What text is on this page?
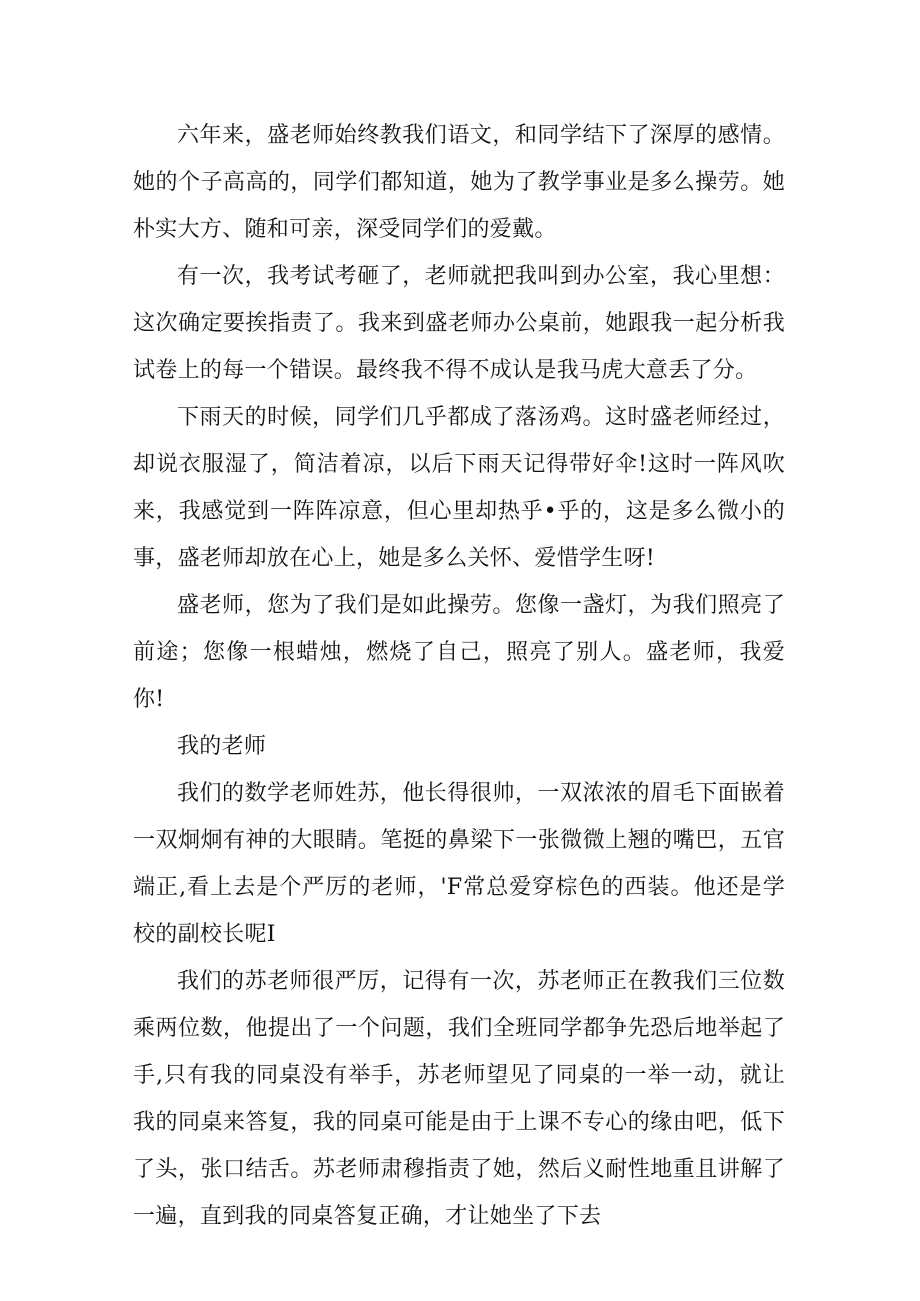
六年来，盛老师始终教我们语文，和同学结下了深厚的感情。她的个子高高的，同学们都知道，她为了教学事业是多么操劳。她朴实大方、随和可亲，深受同学们的爱戴。

有一次，我考试考砸了，老师就把我叫到办公室，我心里想：这次确定要挨指责了。我来到盛老师办公桌前，她跟我一起分析我试卷上的每一个错误。最终我不得不成认是我马虎大意丢了分。

下雨天的时候，同学们几乎都成了落汤鸡。这时盛老师经过，却说衣服湿了，简洁着凉，以后下雨天记得带好伞!这时一阵风吹来，我感觉到一阵阵凉意，但心里却热乎•乎的，这是多么微小的事，盛老师却放在心上，她是多么关怀、爱惜学生呀!

盛老师，您为了我们是如此操劳。您像一盏灯，为我们照亮了前途；您像一根蜡烛，燃烧了自己，照亮了别人。盛老师，我爱你!

我的老师

我们的数学老师姓苏，他长得很帅，一双浓浓的眉毛下面嵌着一双炯炯有神的大眼睛。笔挺的鼻梁下一张微微上翘的嘴巴，五官端正,看上去是个严厉的老师，'F常总爱穿棕色的西装。他还是学校的副校长呢I

我们的苏老师很严厉，记得有一次，苏老师正在教我们三位数乘两位数，他提出了一个问题，我们全班同学都争先恐后地举起了手,只有我的同桌没有举手，苏老师望见了同桌的一举一动，就让我的同桌来答复，我的同桌可能是由于上课不专心的缘由吧，低下了头，张口结舌。苏老师肃穆指责了她，然后义耐性地重且讲解了一遍，直到我的同桌答复正确，才让她坐了下去
